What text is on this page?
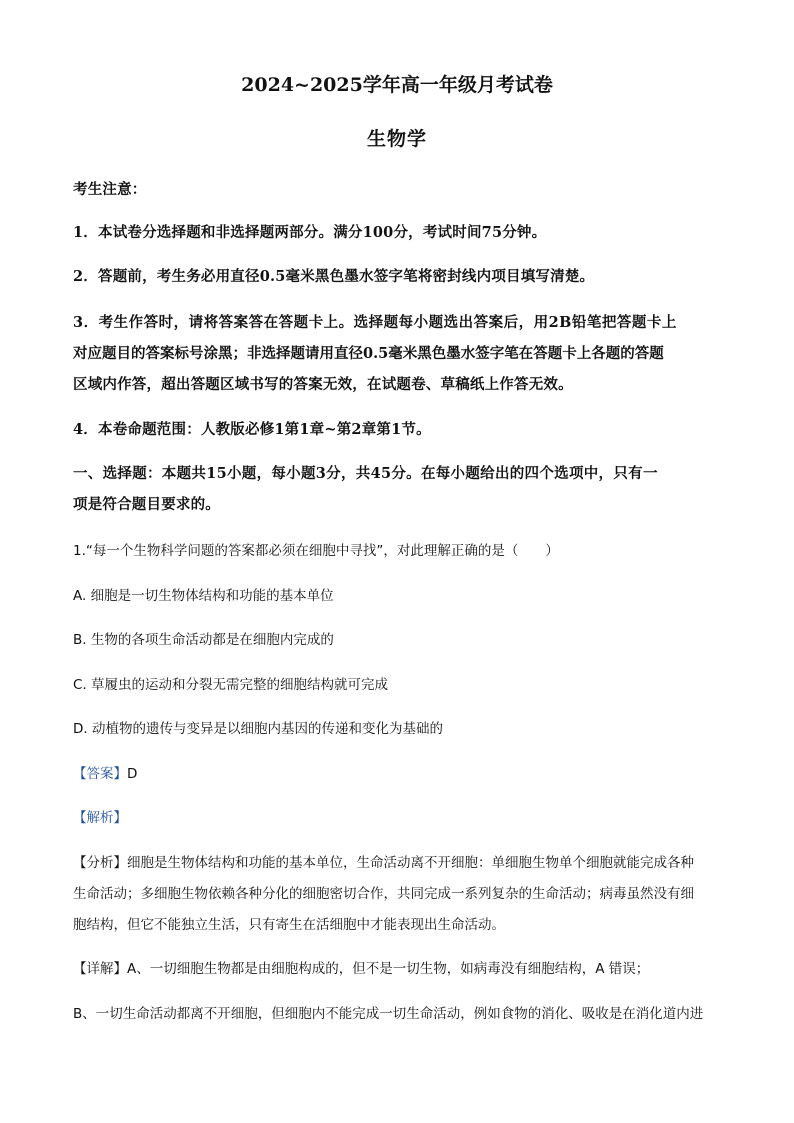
2024~2025学年高一年级月考试卷
生物学
考生注意：
1．本试卷分选择题和非选择题两部分。满分100分，考试时间75分钟。
2．答题前，考生务必用直径0.5毫米黑色墨水签字笔将密封线内项目填写清楚。
3．考生作答时，请将答案答在答题卡上。选择题每小题选出答案后，用2B铅笔把答题卡上
对应题目的答案标号涂黑；非选择题请用直径0.5毫米黑色墨水签字笔在答题卡上各题的答题
区域内作答，超出答题区域书写的答案无效，在试题卷、草稿纸上作答无效。
4．本卷命题范围：人教版必修1第1章~第2章第1节。
一、选择题：本题共15小题，每小题3分，共45分。在每小题给出的四个选项中，只有一
项是符合题目要求的。
1.“每一个生物科学问题的答案都必须在细胞中寻找”，对此理解正确的是（　　）
A. 细胞是一切生物体结构和功能的基本单位
B. 生物的各项生命活动都是在细胞内完成的
C. 草履虫的运动和分裂无需完整的细胞结构就可完成
D. 动植物的遗传与变异是以细胞内基因的传递和变化为基础的
【答案】D
【解析】
【分析】细胞是生物体结构和功能的基本单位，生命活动离不开细胞：单细胞生物单个细胞就能完成各种
生命活动；多细胞生物依赖各种分化的细胞密切合作，共同完成一系列复杂的生命活动；病毒虽然没有细
胞结构，但它不能独立生活，只有寄生在活细胞中才能表现出生命活动。
【详解】A、一切细胞生物都是由细胞构成的，但不是一切生物，如病毒没有细胞结构，A 错误；
B、一切生命活动都离不开细胞，但细胞内不能完成一切生命活动，例如食物的消化、吸收是在消化道内进
